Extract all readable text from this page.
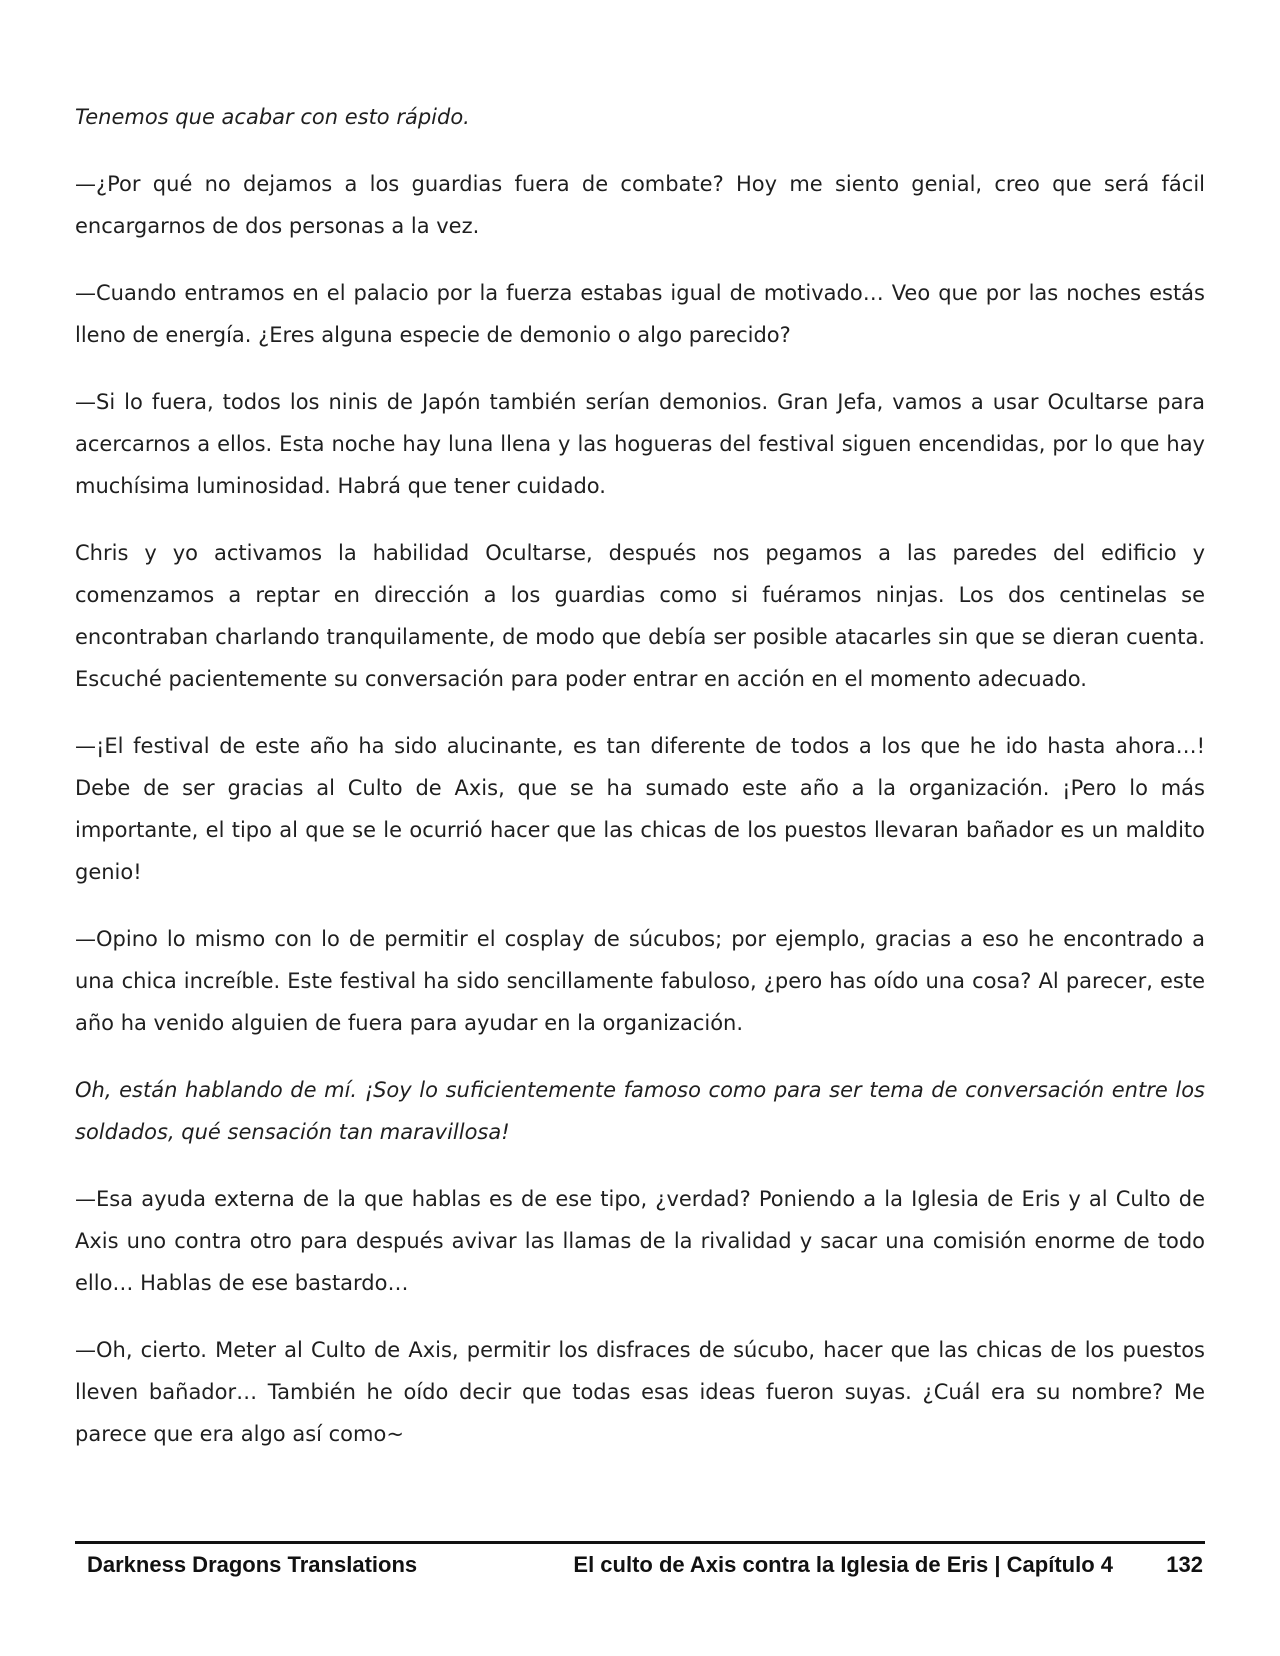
Tenemos que acabar con esto rápido.

—¿Por qué no dejamos a los guardias fuera de combate? Hoy me siento genial, creo que será fácil encargarnos de dos personas a la vez.

—Cuando entramos en el palacio por la fuerza estabas igual de motivado… Veo que por las noches estás lleno de energía. ¿Eres alguna especie de demonio o algo parecido?

—Si lo fuera, todos los ninis de Japón también serían demonios. Gran Jefa, vamos a usar Ocultarse para acercarnos a ellos. Esta noche hay luna llena y las hogueras del festival siguen encendidas, por lo que hay muchísima luminosidad. Habrá que tener cuidado.

Chris y yo activamos la habilidad Ocultarse, después nos pegamos a las paredes del edificio y comenzamos a reptar en dirección a los guardias como si fuéramos ninjas. Los dos centinelas se encontraban charlando tranquilamente, de modo que debía ser posible atacarles sin que se dieran cuenta. Escuché pacientemente su conversación para poder entrar en acción en el momento adecuado.

—¡El festival de este año ha sido alucinante, es tan diferente de todos a los que he ido hasta ahora…! Debe de ser gracias al Culto de Axis, que se ha sumado este año a la organización. ¡Pero lo más importante, el tipo al que se le ocurrió hacer que las chicas de los puestos llevaran bañador es un maldito genio!

—Opino lo mismo con lo de permitir el cosplay de súcubos; por ejemplo, gracias a eso he encontrado a una chica increíble. Este festival ha sido sencillamente fabuloso, ¿pero has oído una cosa? Al parecer, este año ha venido alguien de fuera para ayudar en la organización.

Oh, están hablando de mí. ¡Soy lo suficientemente famoso como para ser tema de conversación entre los soldados, qué sensación tan maravillosa!

—Esa ayuda externa de la que hablas es de ese tipo, ¿verdad? Poniendo a la Iglesia de Eris y al Culto de Axis uno contra otro para después avivar las llamas de la rivalidad y sacar una comisión enorme de todo ello… Hablas de ese bastardo…

—Oh, cierto. Meter al Culto de Axis, permitir los disfraces de súcubo, hacer que las chicas de los puestos lleven bañador… También he oído decir que todas esas ideas fueron suyas. ¿Cuál era su nombre? Me parece que era algo así como~

Darkness Dragons Translations	El culto de Axis contra la Iglesia de Eris | Capítulo 4 132
